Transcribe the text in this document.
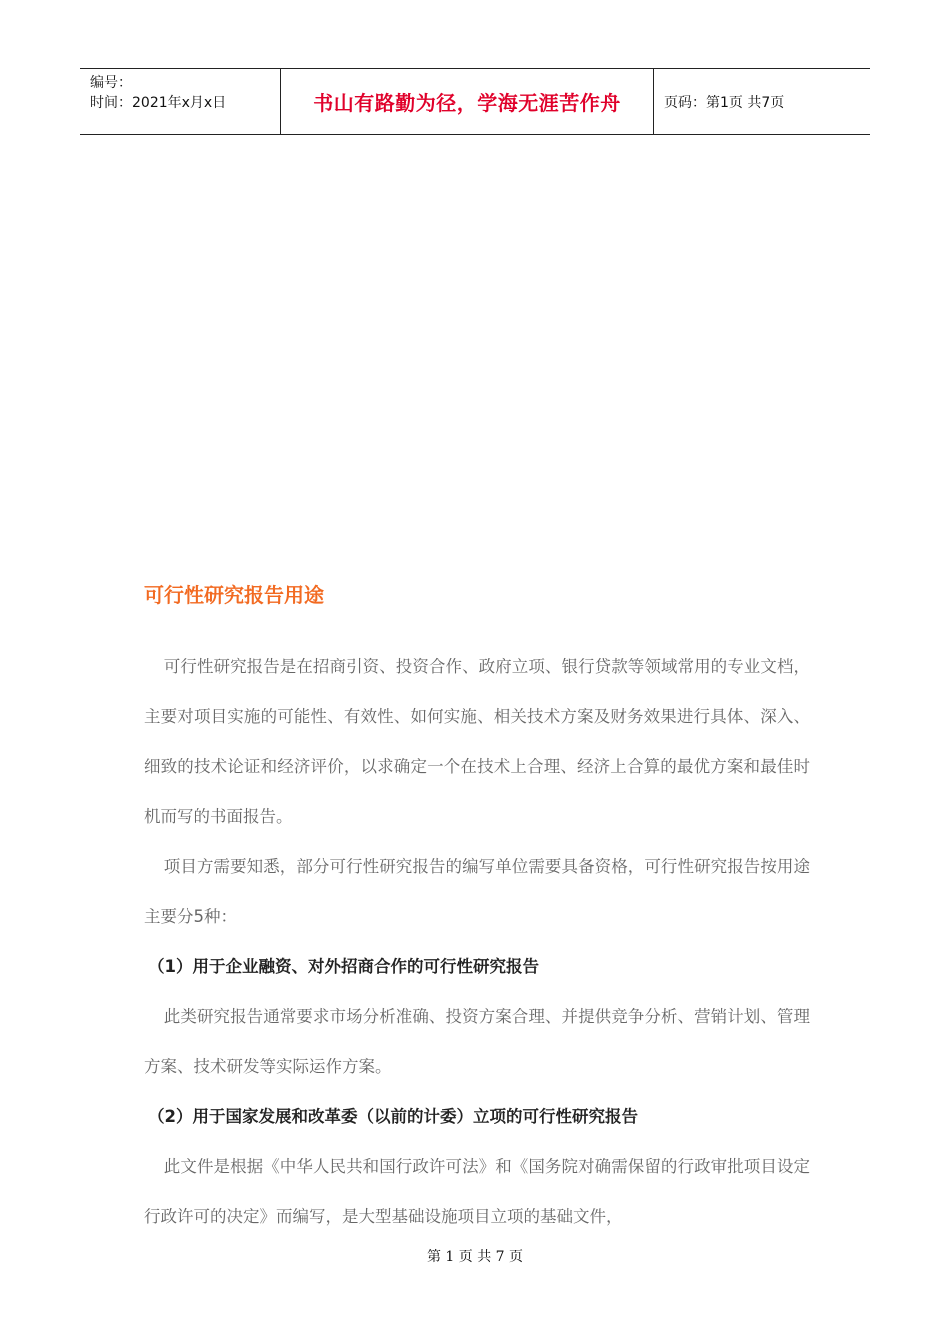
编号：
时间：2021年x月x日	书山有路勤为径，学海无涯苦作舟	页码：第1页 共7页
可行性研究报告用途

可行性研究报告是在招商引资、投资合作、政府立项、银行贷款等领域常用的专业文档，主要对项目实施的可能性、有效性、如何实施、相关技术方案及财务效果进行具体、深入、细致的技术论证和经济评价，以求确定一个在技术上合理、经济上合算的最优方案和最佳时机而写的书面报告。

项目方需要知悉，部分可行性研究报告的编写单位需要具备资格，可行性研究报告按用途主要分5种：

（1）用于企业融资、对外招商合作的可行性研究报告

此类研究报告通常要求市场分析准确、投资方案合理、并提供竞争分析、营销计划、管理方案、技术研发等实际运作方案。

（2）用于国家发展和改革委（以前的计委）立项的可行性研究报告

此文件是根据《中华人民共和国行政许可法》和《国务院对确需保留的行政审批项目设定行政许可的决定》而编写，是大型基础设施项目立项的基础文件，

第 1 页 共 7 页
